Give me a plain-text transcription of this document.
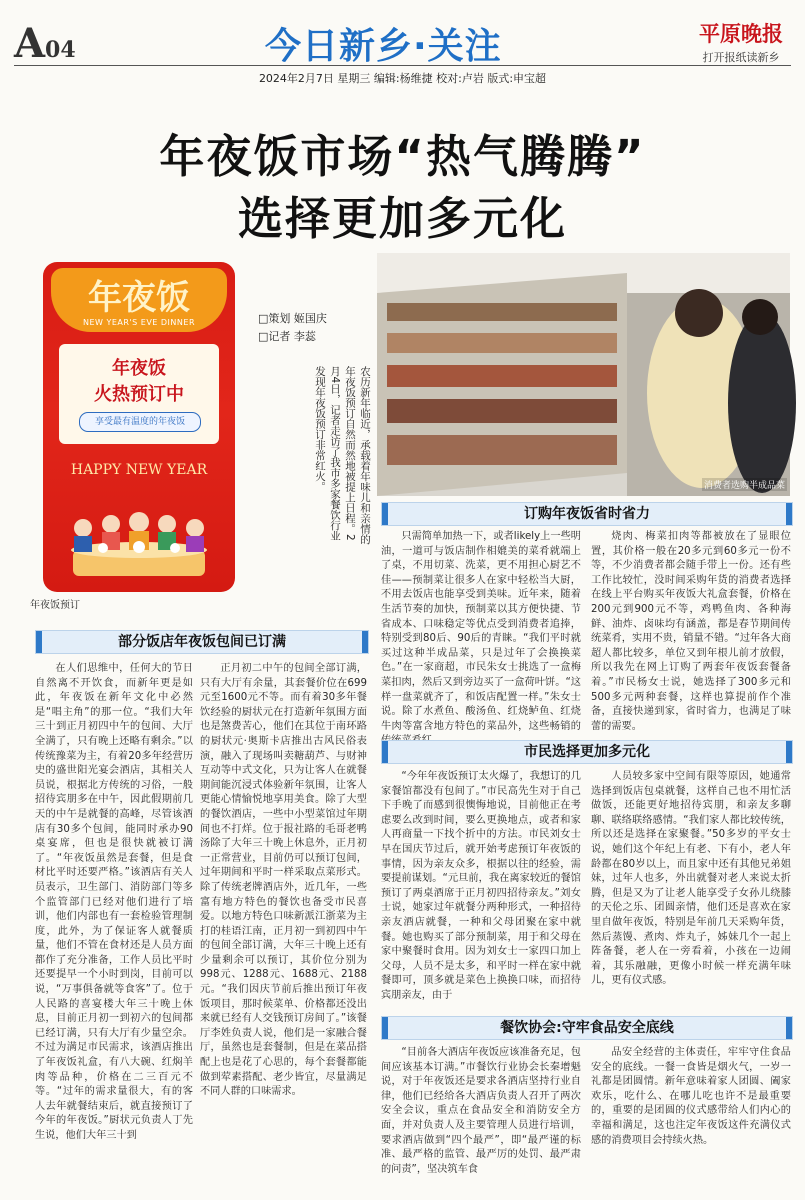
A04	今日新乡·关注	平原晚报
打开报纸读新乡
2024年2月7日 星期三 编辑:杨维捷 校对:卢岩 版式:申宝超
年夜饭市场“热气腾腾”
选择更加多元化
年夜饭
NEW YEAR'S EVE DINNER
年夜饭
火热预订中
享受最有温度的年夜饭
HAPPY NEW YEAR
年夜饭预订
□策划 姬国庆
□记者 李蕊
农历新年临近，承载着年味儿和亲情的年夜饭预订自然而然地被提上日程。2月4日，记者走访了我市多家餐饮行业发现年夜饭预订非常红火。	消费者选购半成品菜
订购年夜饭省时省力

只需简单加热一下，或者likely上一些明油，一道可与饭店制作相媲美的菜肴就端上了桌，不用切菜、洗菜，更不用担心厨艺不佳——预制菜让很多人在家中轻松当大厨，不用去饭店也能享受到美味。近年来，随着生活节奏的加快，预制菜以其方便快捷、节省成本、口味稳定等优点受到消费者追捧，特别受到80后、90后的青睐。“我们平时就买过这种半成品菜，只是过年了会换换菜色。”在一家商超，市民朱女士挑选了一盒梅菜扣肉，然后又到旁边买了一盒荷叶饼。“这样一盘菜就齐了，和饭店配置一样。”朱女士说。除了水煮鱼、酸汤鱼、红烧鲈鱼、红烧牛肉等富含地方特色的菜品外，这些畅销的

烧肉、梅菜扣肉等都被放在了显眼位置，其价格一般在20多元到60多元一份不等，不少消费者都会随手带上一份。还有些工作比较忙，没时间采购年货的消费者选择在线上平台购买年夜饭大礼盒套餐，价格在200元到900元不等，鸡鸭鱼肉、各种海鲜、油炸、卤味均有涵盖，都是春节期间传统菜肴，实用不贵，销量不错。“过年各大商超人都比较多，单位又到年根儿前才放假，所以我先在网上订购了两套年夜饭套餐备着。”市民杨女士说，她选择了300多元和500多元两种套餐，这样也算提前作个准备，直接快递到家，省时省力，也满足了味蕾的需要。

部分饭店年夜饭包间已订满

在人们思维中，任何大的节日自然离不开饮食，而新年更是如此，年夜饭在新年文化中必然是“唱主角”的那一位。“我们大年三十到正月初四中午的包间、大厅全满了，只有晚上还略有剩余。”以传统豫菜为主，有着20多年经营历史的盛世阳光宴会酒店，其相关人员说，根据北方传统的习俗，一般招待宾朋多在中午，因此假期前几天的中午是就餐的高峰，尽管该酒店有30多个包间，能同时承办90桌宴席，但也是很快就被订满了。“年夜饭虽然是套餐，但是食材比平时还要严格。”该酒店有关人员表示，卫生部门、消防部门等多个监管部门已经对他们进行了培训，他们内部也有一套检验管理制度，此外，为了保证客人就餐质量，他们不管在食材还是人员方面都作了充分准备，工作人员比平时还要提早一个小时到岗，目前可以说，“万事俱备就等食客”了。位于人民路的喜宴楼大年三十晚上休息，目前正月初一到初六的包间都已经订满，只有大厅有少量空余。不过为满足市民需求，该酒店推出了年夜饭礼盒，有八大碗、红焖羊肉等品种，价格在二三百元不等。“过年的需求量很大，有的客人去年就餐结束后，就直接预订了今年的年夜饭。”厨状元负责人丁先生说，他们大年三十到

正月初二中午的包间全部订满，只有大厅有余量，其套餐价位在699元至1600元不等。而有着30多年餐饮经验的厨状元在打造新年氛围方面也是煞费苦心，他们在其位于南环路的厨状元·奥斯卡店推出古风民俗表演，融入了现场叫卖糖葫芦、与财神互动等中式文化，只为让客人在就餐期间能沉浸式体验新年氛围，让客人更能心情愉悦地享用美食。除了大型的餐饮酒店，一些中小型菜馆过年期间也不打烊。位于报社路的毛哥老鸭汤除了大年三十晚上休息外，正月初一正常营业，目前仍可以预订包间，过年期间和平时一样采取点菜形式。除了传统老牌酒店外，近几年，一些富有地方特色的餐饮也备受市民喜爱。以地方特色口味新派江浙菜为主打的桂语江南，正月初一到初四中午的包间全部订满，大年三十晚上还有少量剩余可以预订，其价位分别为998元、1288元、1688元、2188元。“我们因庆节前后推出预订年夜饭项目，那时候菜单、价格都还没出来就已经有人交钱预订房间了。”该餐厅李姓负责人说，他们是一家融合餐厅，虽然也是套餐制，但是在菜品搭配上也是花了心思的，每个套餐都能做到荤素搭配、老少皆宜，尽量满足不同人群的口味需求。

市民选择更加多元化

“今年年夜饭预订太火爆了，我想订的几家餐馆都没有包间了。”市民高先生对于自己下手晚了而感到很懊悔地说，目前他正在考虑要么改到时间，要么更换地点，或者和家人再商量一下找个折中的方法。市民刘女士早在国庆节过后，就开始考虑预订年夜饭的事情，因为亲友众多，根据以往的经验，需要提前谋划。“元旦前，我在离家较近的餐馆预订了两桌酒席于正月初四招待亲友。”刘女士说，她家过年就餐分两种形式，一种招待亲友酒店就餐，一种和父母团聚在家中就餐。她也购买了部分预制菜，用于和父母在家中聚餐时食用。因为刘女士一家四口加上父母，人员不是太多，和平时一样在家中就餐即可，顶多就是菜色上换换口味，而招待宾朋亲友，由于

人员较多家中空间有限等原因，她通常选择到饭店包桌就餐，这样自己也不用忙活做饭，还能更好地招待宾朋，和亲友多聊聊、联络联络感情。“我们家人都比较传统，所以还是选择在家聚餐。”50多岁的平女士说，她们这个年纪上有老、下有小，老人年龄都在80岁以上，而且家中还有其他兄弟姐妹，过年人也多，外出就餐对老人来说太折腾，但是又为了让老人能享受子女孙儿绕膝的天伦之乐、团圆亲情，他们还是喜欢在家里自做年夜饭，特别是年前几天采购年货，然后蒸馒、煮肉、炸丸子，姊妹几个一起上阵备餐，老人在一旁看着，小孩在一边闹着，其乐融融，更像小时候一样充满年味儿，更有仪式感。

餐饮协会:守牢食品安全底线

“目前各大酒店年夜饭应该准备充足，包间应该基本订满。”市餐饮行业协会长秦增魁说，对于年夜饭还是要求各酒店坚持行业自律，他们已经给各大酒店负责人召开了两次安全会议，重点在食品安全和消防安全方面，并对负责人及主要管理人员进行培训，要求酒店做到“四个最严”，即“最严谨的标准、最严格的监管、最严厉的处罚、最严肃的问责”，坚决筑车食

品安全经营的主体责任，牢牢守住食品安全的底线。一餐一食皆是烟火气，一岁一礼都是团圆情。新年意味着家人团圆、阖家欢乐，吃什么、在哪儿吃也许不是最重要的，重要的是团圆的仪式感带给人们内心的幸福和满足，这也注定年夜饭这件充满仪式感的消费项目会持续火热。
